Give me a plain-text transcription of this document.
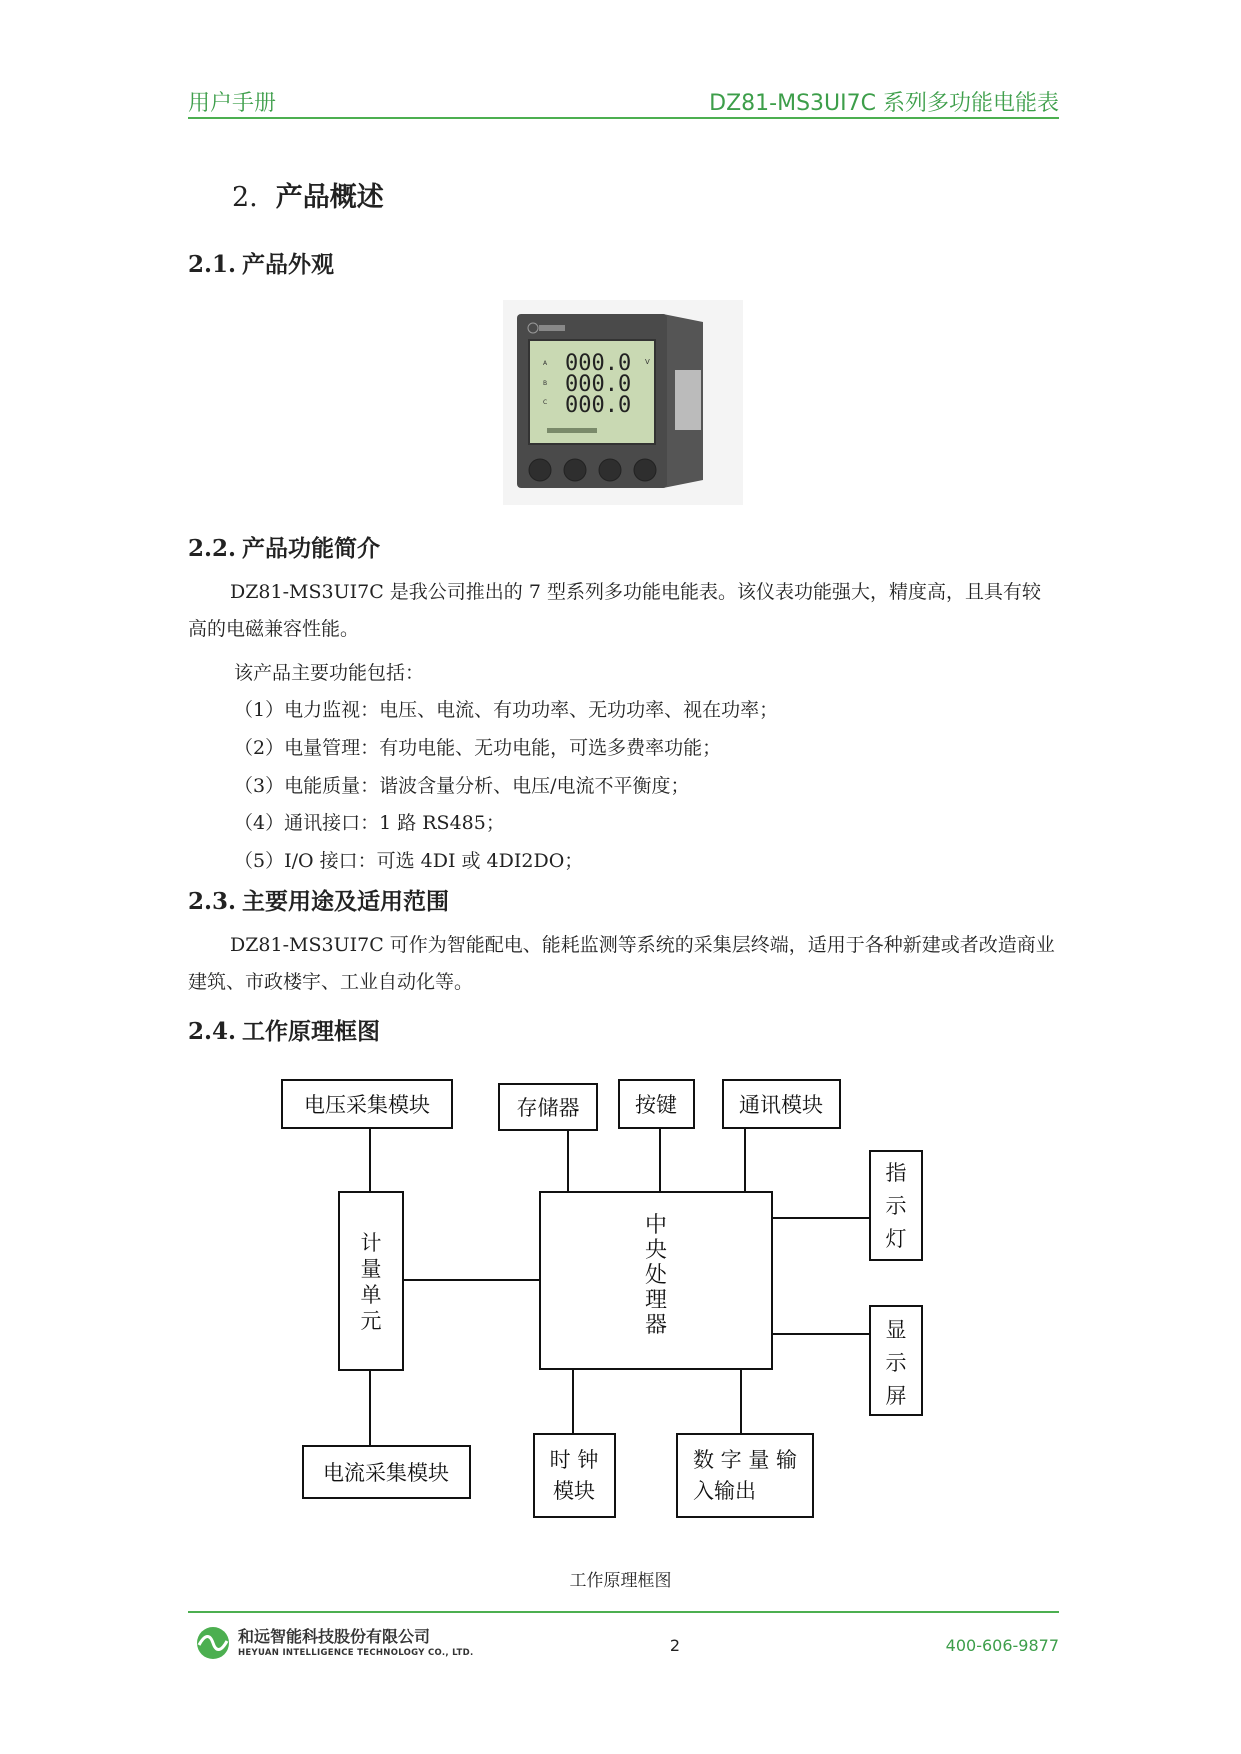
用户手册	DZ81-MS3UI7C 系列多功能电能表
2. 产品概述
2.1. 产品外观
A
B
C
000.0
000.0
000.0
V
2.2. 产品功能简介
DZ81-MS3UI7C 是我公司推出的 7 型系列多功能电能表。该仪表功能强大，精度高，且具有较高的电磁兼容性能。
该产品主要功能包括：
（1）电力监视：电压、电流、有功功率、无功功率、视在功率；
（2）电量管理：有功电能、无功电能，可选多费率功能；
（3）电能质量：谐波含量分析、电压/电流不平衡度；
（4）通讯接口：1 路 RS485；
（5）I/O 接口：可选 4DI 或 4DI2DO；
2.3. 主要用途及适用范围
DZ81-MS3UI7C 可作为智能配电、能耗监测等系统的采集层终端，适用于各种新建或者改造商业建筑、市政楼宇、工业自动化等。
2.4. 工作原理框图
电压采集模块	存储器	按键	通讯模块
计
量
单
元
中
央
处
理
器
指
示
灯
显
示
屏
电流采集模块
时 钟
模块
数 字 量 输
入输出
工作原理框图
和远智能科技股份有限公司
HEYUAN INTELLIGENCE TECHNOLOGY CO., LTD.	2	400-606-9877
